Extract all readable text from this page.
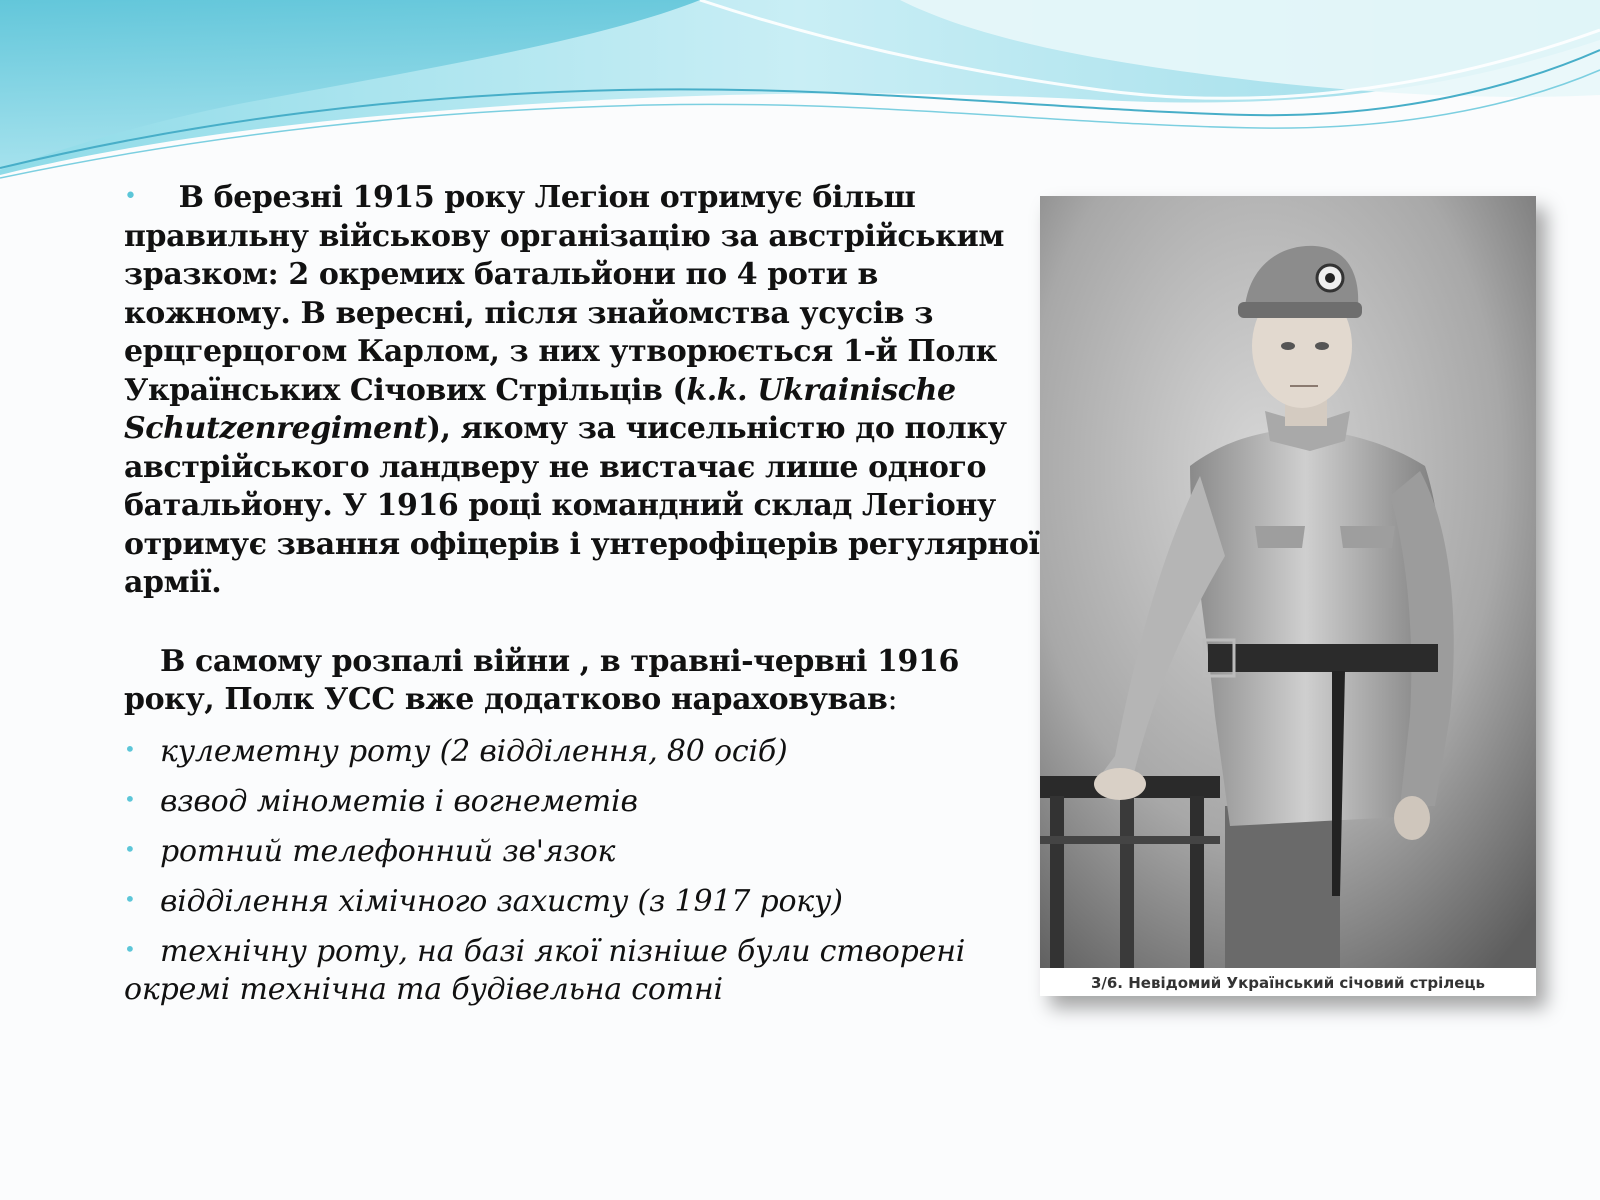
• В березні 1915 року Легіон отримує більш правильну військову організацію за австрійським зразком: 2 окремих батальйони по 4 роти в кожному. В вересні, після знайомства усусів з ерцгерцогом Карлом, з них утворюється 1-й Полк Українських Січових Стрільців (k.k. Ukrainische Schutzenregiment), якому за чисельністю до полку австрійського ландверу не вистачає лише одного батальйону. У 1916 році командний склад Легіону отримує звання офіцерів і унтерофіцерів регулярної армії.

В самому розпалі війни , в травні-червні 1916 року, Полк УСС вже додатково нараховував:

• кулеметну роту (2 відділення, 80 осіб)
• взвод мінометів і вогнеметів
• ротний телефонний зв'язок
• відділення хімічного захисту (з 1917 року)
• технічну роту, на базі якої пізніше були створені окремі технічна та будівельна сотні	3/6. Невідомий Український січовий стрілець
